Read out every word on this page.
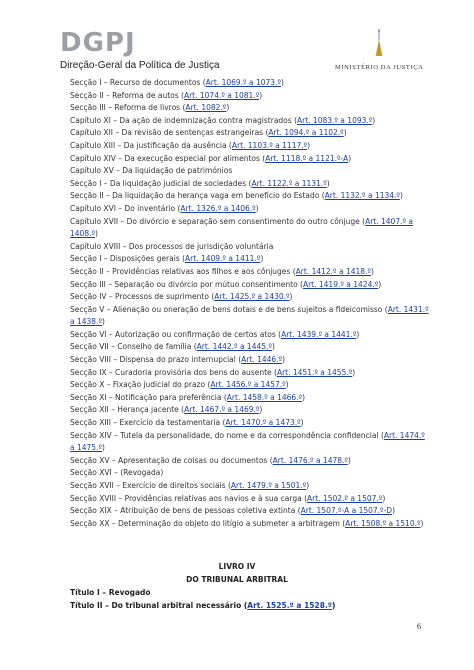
DGPJ
Direção-Geral da Política de Justiça	MINISTÉRIO DA JUSTIÇA
Secção I – Recurso de documentos (Art. 1069.º a 1073.º)
Secção II – Reforma de autos (Art. 1074.º a 1081.º)
Secção III – Reforma de livros (Art. 1082.º)
Capítulo XI – Da ação de indemnização contra magistrados (Art. 1083.º a 1093.º)
Capítulo XII – Da revisão de sentenças estrangeiras (Art. 1094.º a 1102.º)
Capítulo XIII – Da justificação da ausência (Art. 1103.º a 1117.º)
Capítulo XIV – Da execução especial por alimentos (Art. 1118.º a 1121.º-A)
Capítulo XV – Da liquidação de patrimónios
Secção I – Da liquidação judicial de sociedades (Art. 1122.º a 1131.º)
Secção II – Da liquidação da herança vaga em benefício do Estado (Art. 1132.º a 1134.º)
Capítulo XVI – Do inventário (Art. 1326.º a 1406.º)
Capítulo XVII – Do divórcio e separação sem consentimento do outro cônjuge (Art. 1407.º a 1408.º)
Capítulo XVIII – Dos processos de jurisdição voluntária
Secção I – Disposições gerais (Art. 1409.º a 1411.º)
Secção II – Providências relativas aos filhos e aos cônjuges (Art. 1412.º a 1418.º)
Secção III – Separação ou divórcio por mútuo consentimento (Art. 1419.º a 1424.º)
Secção IV – Processos de suprimento (Art. 1425.º a 1430.º)
Secção V – Alienação ou oneração de bens dotais e de bens sujeitos a fideicomisso (Art. 1431.º a 1438.º)
Secção VI – Autorização ou confirmação de certos atos (Art. 1439.º a 1441.º)
Secção VII – Conselho de família (Art. 1442.º a 1445.º)
Secção VIII – Dispensa do prazo internupcial (Art. 1446.º)
Secção IX – Curadoria provisória dos bens do ausente (Art. 1451.º a 1455.º)
Secção X – Fixação judicial do prazo (Art. 1456.º a 1457.º)
Secção XI – Notificação para preferência (Art. 1458.º a 1466.º)
Secção XII – Herança jacente (Art. 1467.º a 1469.º)
Secção XIII – Exercício da testamentaria (Art. 1470.º a 1473.º)
Secção XIV – Tutela da personalidade, do nome e da correspondência confidencial (Art. 1474.º a 1475.º)
Secção XV – Apresentação de coisas ou documentos (Art. 1476.º a 1478.º)
Secção XVI – (Revogada)
Secção XVII – Exercício de direitos sociais (Art. 1479.º a 1501.º)
Secção XVIII – Providências relativas aos navios e à sua carga (Art. 1502.º a 1507.º)
Secção XIX – Atribuição de bens de pessoas coletiva extinta (Art. 1507.º-A a 1507.º-D)
Secção XX – Determinação do objeto do litígio a submeter a arbitragem (Art. 1508.º a 1510.º)
LIVRO IV
DO TRIBUNAL ARBITRAL
Título I – Revogado
Título II – Do tribunal arbitral necessário (Art. 1525.º a 1528.º)
6
